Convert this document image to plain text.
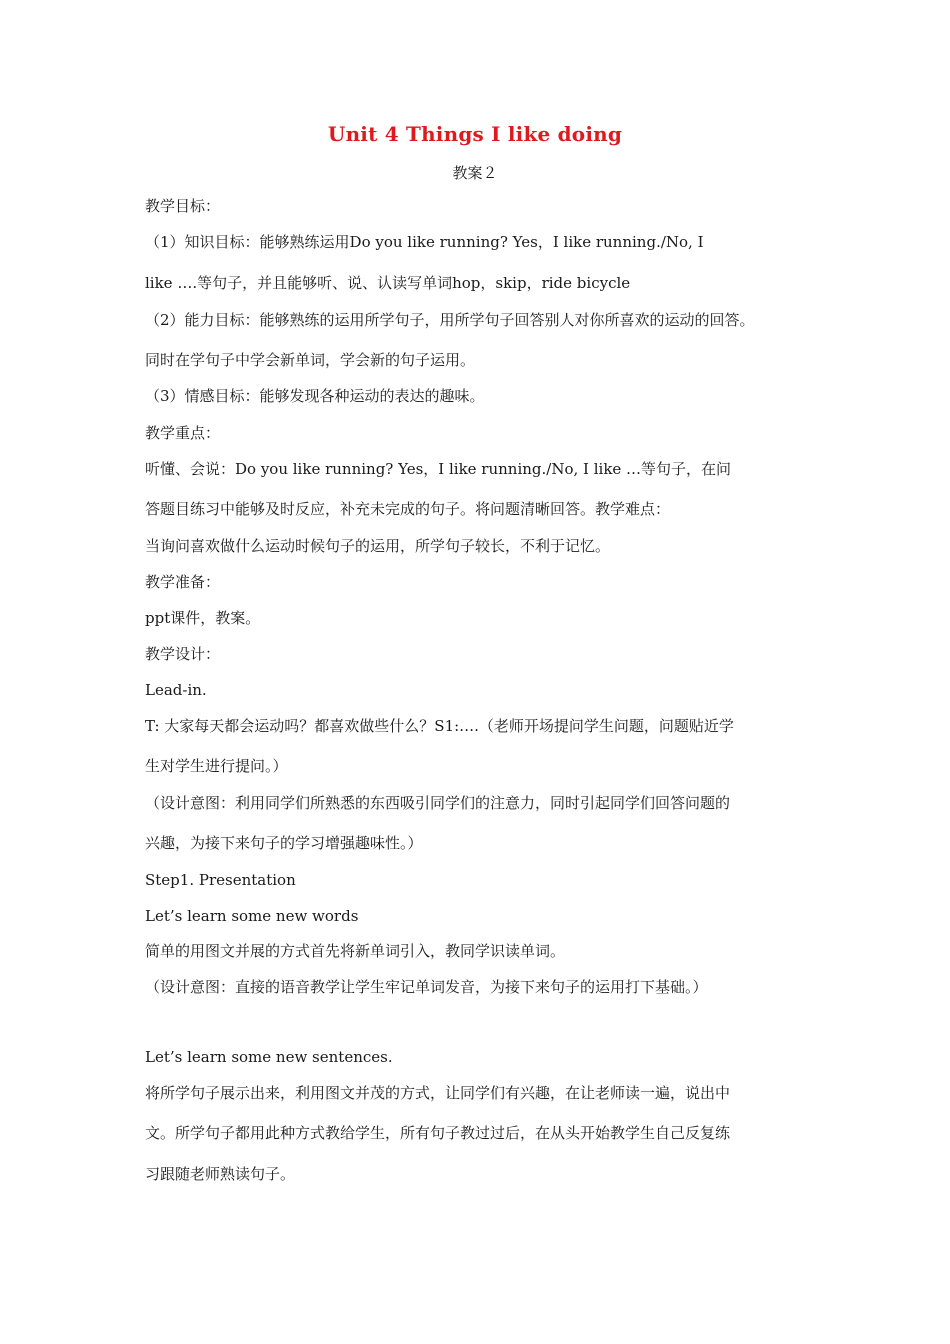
Unit 4 Things I like doing
教案２
教学目标：
（1）知识目标：能够熟练运用Do you like running? Yes，I like running./No, I
like ….等句子，并且能够听、说、认读写单词hop，skip，ride bicycle
（2）能力目标：能够熟练的运用所学句子，用所学句子回答别人对你所喜欢的运动的回答。
同时在学句子中学会新单词，学会新的句子运用。
（3）情感目标：能够发现各种运动的表达的趣味。
教学重点：
听懂、会说：Do you like running? Yes，I like running./No, I like …等句子，在问
答题目练习中能够及时反应，补充未完成的句子。将问题清晰回答。教学难点：
当询问喜欢做什么运动时候句子的运用，所学句子较长，不利于记忆。
教学准备：
ppt课件，教案。
教学设计：
Lead-in.
T: 大家每天都会运动吗？都喜欢做些什么？S1:….（老师开场提问学生问题，问题贴近学
生对学生进行提问。）
（设计意图：利用同学们所熟悉的东西吸引同学们的注意力，同时引起同学们回答问题的
兴趣，为接下来句子的学习增强趣味性。）
Step1. Presentation
Let’s learn some new words
简单的用图文并展的方式首先将新单词引入，教同学识读单词。
（设计意图：直接的语音教学让学生牢记单词发音，为接下来句子的运用打下基础。）
Let’s learn some new sentences.
将所学句子展示出来，利用图文并茂的方式，让同学们有兴趣，在让老师读一遍，说出中
文。所学句子都用此种方式教给学生，所有句子教过过后，在从头开始教学生自己反复练
习跟随老师熟读句子。
